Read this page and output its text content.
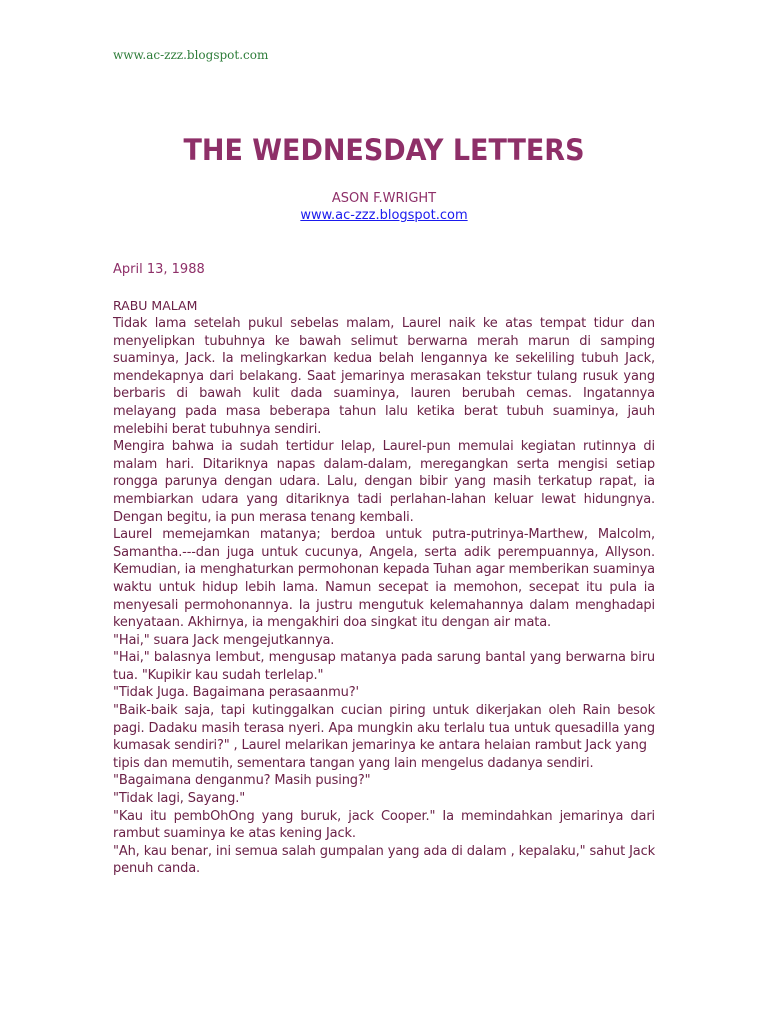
www.ac-zzz.blogspot.com
THE WEDNESDAY LETTERS
ASON F.WRIGHT
www.ac-zzz.blogspot.com
April 13, 1988
RABU MALAM

Tidak lama setelah pukul sebelas malam, Laurel naik ke atas tempat tidur dan menyelipkan tubuhnya ke bawah selimut berwarna merah marun di samping suaminya, Jack. Ia melingkarkan kedua belah lengannya ke sekeliling tubuh Jack, mendekapnya dari belakang. Saat jemarinya merasakan tekstur tulang rusuk yang berbaris di bawah kulit dada suaminya, lauren berubah cemas. Ingatannya melayang pada masa beberapa tahun lalu ketika berat tubuh suaminya, jauh melebihi berat tubuhnya sendiri.

Mengira bahwa ia sudah tertidur lelap, Laurel-pun memulai kegiatan rutinnya di malam hari. Ditariknya napas dalam-dalam, meregangkan serta mengisi setiap rongga parunya dengan udara. Lalu, dengan bibir yang masih terkatup rapat, ia membiarkan udara yang ditariknya tadi perlahan-lahan keluar lewat hidungnya. Dengan begitu, ia pun merasa tenang kembali.

Laurel memejamkan matanya; berdoa untuk putra-putrinya-Marthew, Malcolm, Samantha.---dan juga untuk cucunya, Angela, serta adik perempuannya, Allyson. Kemudian, ia menghaturkan permohonan kepada Tuhan agar memberikan suaminya waktu untuk hidup lebih lama. Namun secepat ia memohon, secepat itu pula ia menyesali permohonannya. Ia justru mengutuk kelemahannya dalam menghadapi kenyataan. Akhirnya, ia mengakhiri doa singkat itu dengan air mata.

"Hai," suara Jack mengejutkannya.

"Hai," balasnya lembut, mengusap matanya pada sarung bantal yang berwarna biru tua. "Kupikir kau sudah terlelap."

"Tidak Juga. Bagaimana perasaanmu?'

"Baik-baik saja, tapi kutinggalkan cucian piring untuk dikerjakan oleh Rain besok pagi. Dadaku masih terasa nyeri. Apa mungkin aku terlalu tua untuk quesadilla yang kumasak sendiri?" , Laurel melarikan jemarinya ke antara helaian rambut Jack yang

tipis dan memutih, sementara tangan yang lain mengelus dadanya sendiri.

"Bagaimana denganmu? Masih pusing?"

"Tidak lagi, Sayang."

"Kau itu pembOhOng yang buruk, jack Cooper." Ia memindahkan jemarinya dari rambut suaminya ke atas kening Jack.

"Ah, kau benar, ini semua salah gumpalan yang ada di dalam , kepalaku," sahut Jack penuh canda.
